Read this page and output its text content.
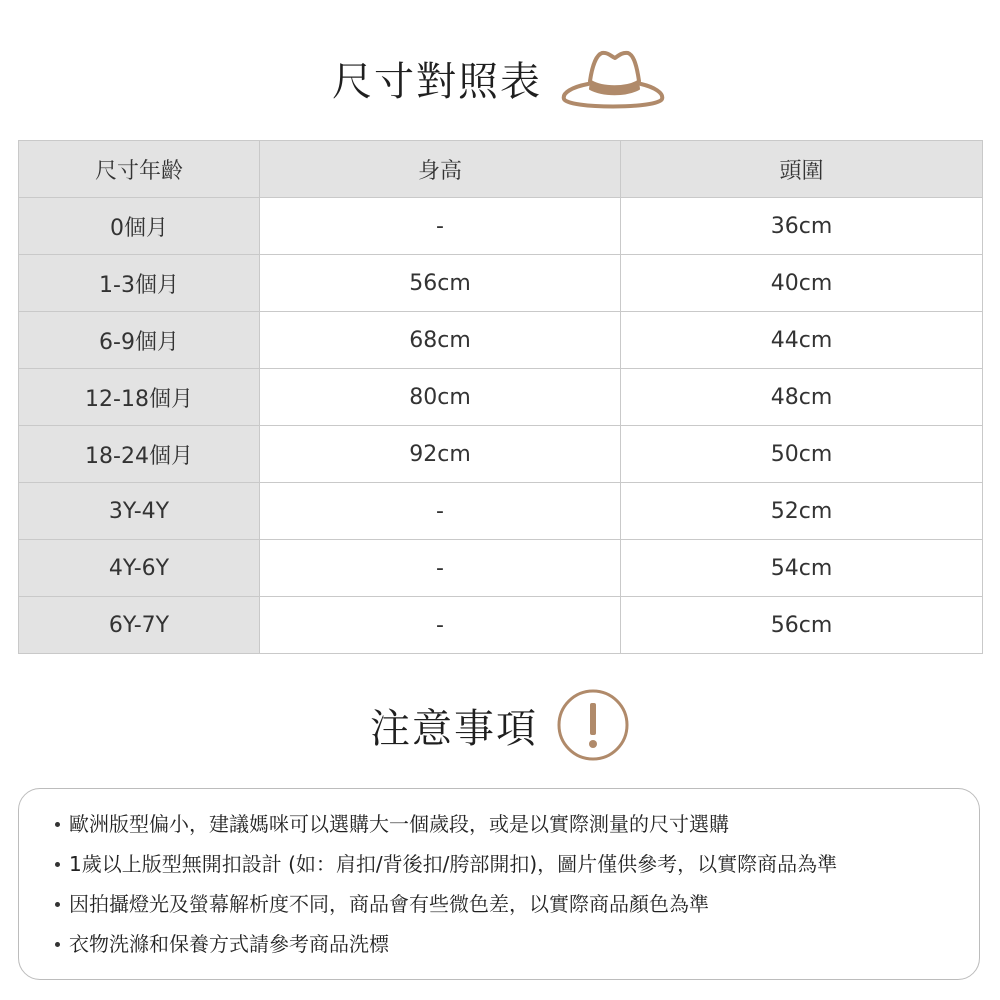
尺寸對照表
尺寸年齡	身高	頭圍
0個月	-	36cm
1-3個月	56cm	40cm
6-9個月	68cm	44cm
12-18個月	80cm	48cm
18-24個月	92cm	50cm
3Y-4Y	-	52cm
4Y-6Y	-	54cm
6Y-7Y	-	56cm
注意事項
歐洲版型偏小，建議媽咪可以選購大一個歲段，或是以實際測量的尺寸選購
1歲以上版型無開扣設計 (如：肩扣/背後扣/胯部開扣)，圖片僅供參考，以實際商品為準
因拍攝燈光及螢幕解析度不同，商品會有些微色差，以實際商品顏色為準
衣物洗滌和保養方式請參考商品洗標
